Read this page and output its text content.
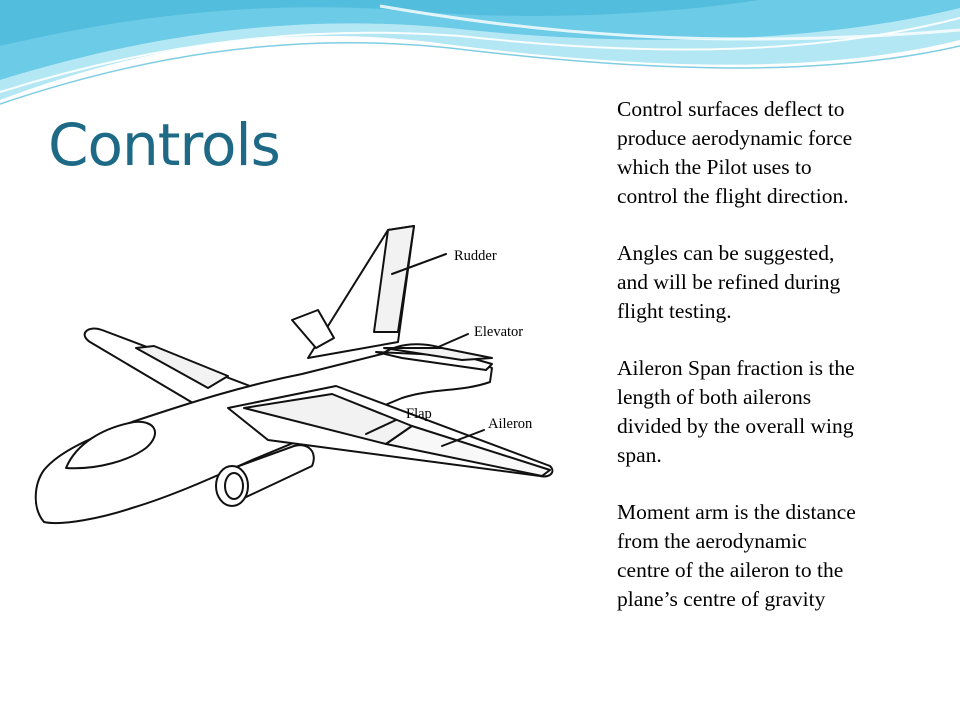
Controls
Rudder
Elevator
Flap
Aileron

Control surfaces deflect to
produce aerodynamic force
which the Pilot uses to
control the flight direction.

Angles can be suggested,
and will be refined during
flight testing.

Aileron Span fraction is the
length of both ailerons
divided by the overall wing
span.

Moment arm is the distance
from the aerodynamic
centre of the aileron to the
plane’s centre of gravity
